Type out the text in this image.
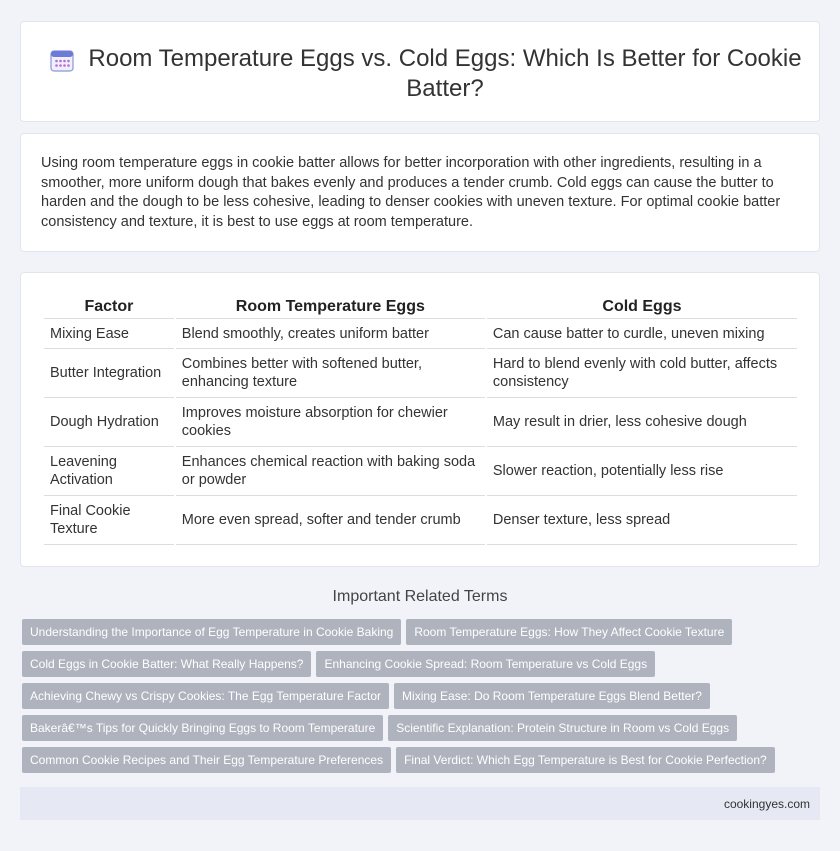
Room Temperature Eggs vs. Cold Eggs: Which Is Better for Cookie Batter?

Using room temperature eggs in cookie batter allows for better incorporation with other ingredients, resulting in a smoother, more uniform dough that bakes evenly and produces a tender crumb. Cold eggs can cause the butter to harden and the dough to be less cohesive, leading to denser cookies with uneven texture. For optimal cookie batter consistency and texture, it is best to use eggs at room temperature.

Factor	Room Temperature Eggs	Cold Eggs
Mixing Ease	Blend smoothly, creates uniform batter	Can cause batter to curdle, uneven mixing
Butter Integration	Combines better with softened butter, enhancing texture	Hard to blend evenly with cold butter, affects consistency
Dough Hydration	Improves moisture absorption for chewier cookies	May result in drier, less cohesive dough
Leavening Activation	Enhances chemical reaction with baking soda or powder	Slower reaction, potentially less rise
Final Cookie Texture	More even spread, softer and tender crumb	Denser texture, less spread
Important Related Terms
Understanding the Importance of Egg Temperature in Cookie Baking Room Temperature Eggs: How They Affect Cookie Texture
Cold Eggs in Cookie Batter: What Really Happens? Enhancing Cookie Spread: Room Temperature vs Cold Eggs
Achieving Chewy vs Crispy Cookies: The Egg Temperature Factor Mixing Ease: Do Room Temperature Eggs Blend Better?
Bakerâ€™s Tips for Quickly Bringing Eggs to Room Temperature Scientific Explanation: Protein Structure in Room vs Cold Eggs
Common Cookie Recipes and Their Egg Temperature Preferences Final Verdict: Which Egg Temperature is Best for Cookie Perfection?
cookingyes.com
